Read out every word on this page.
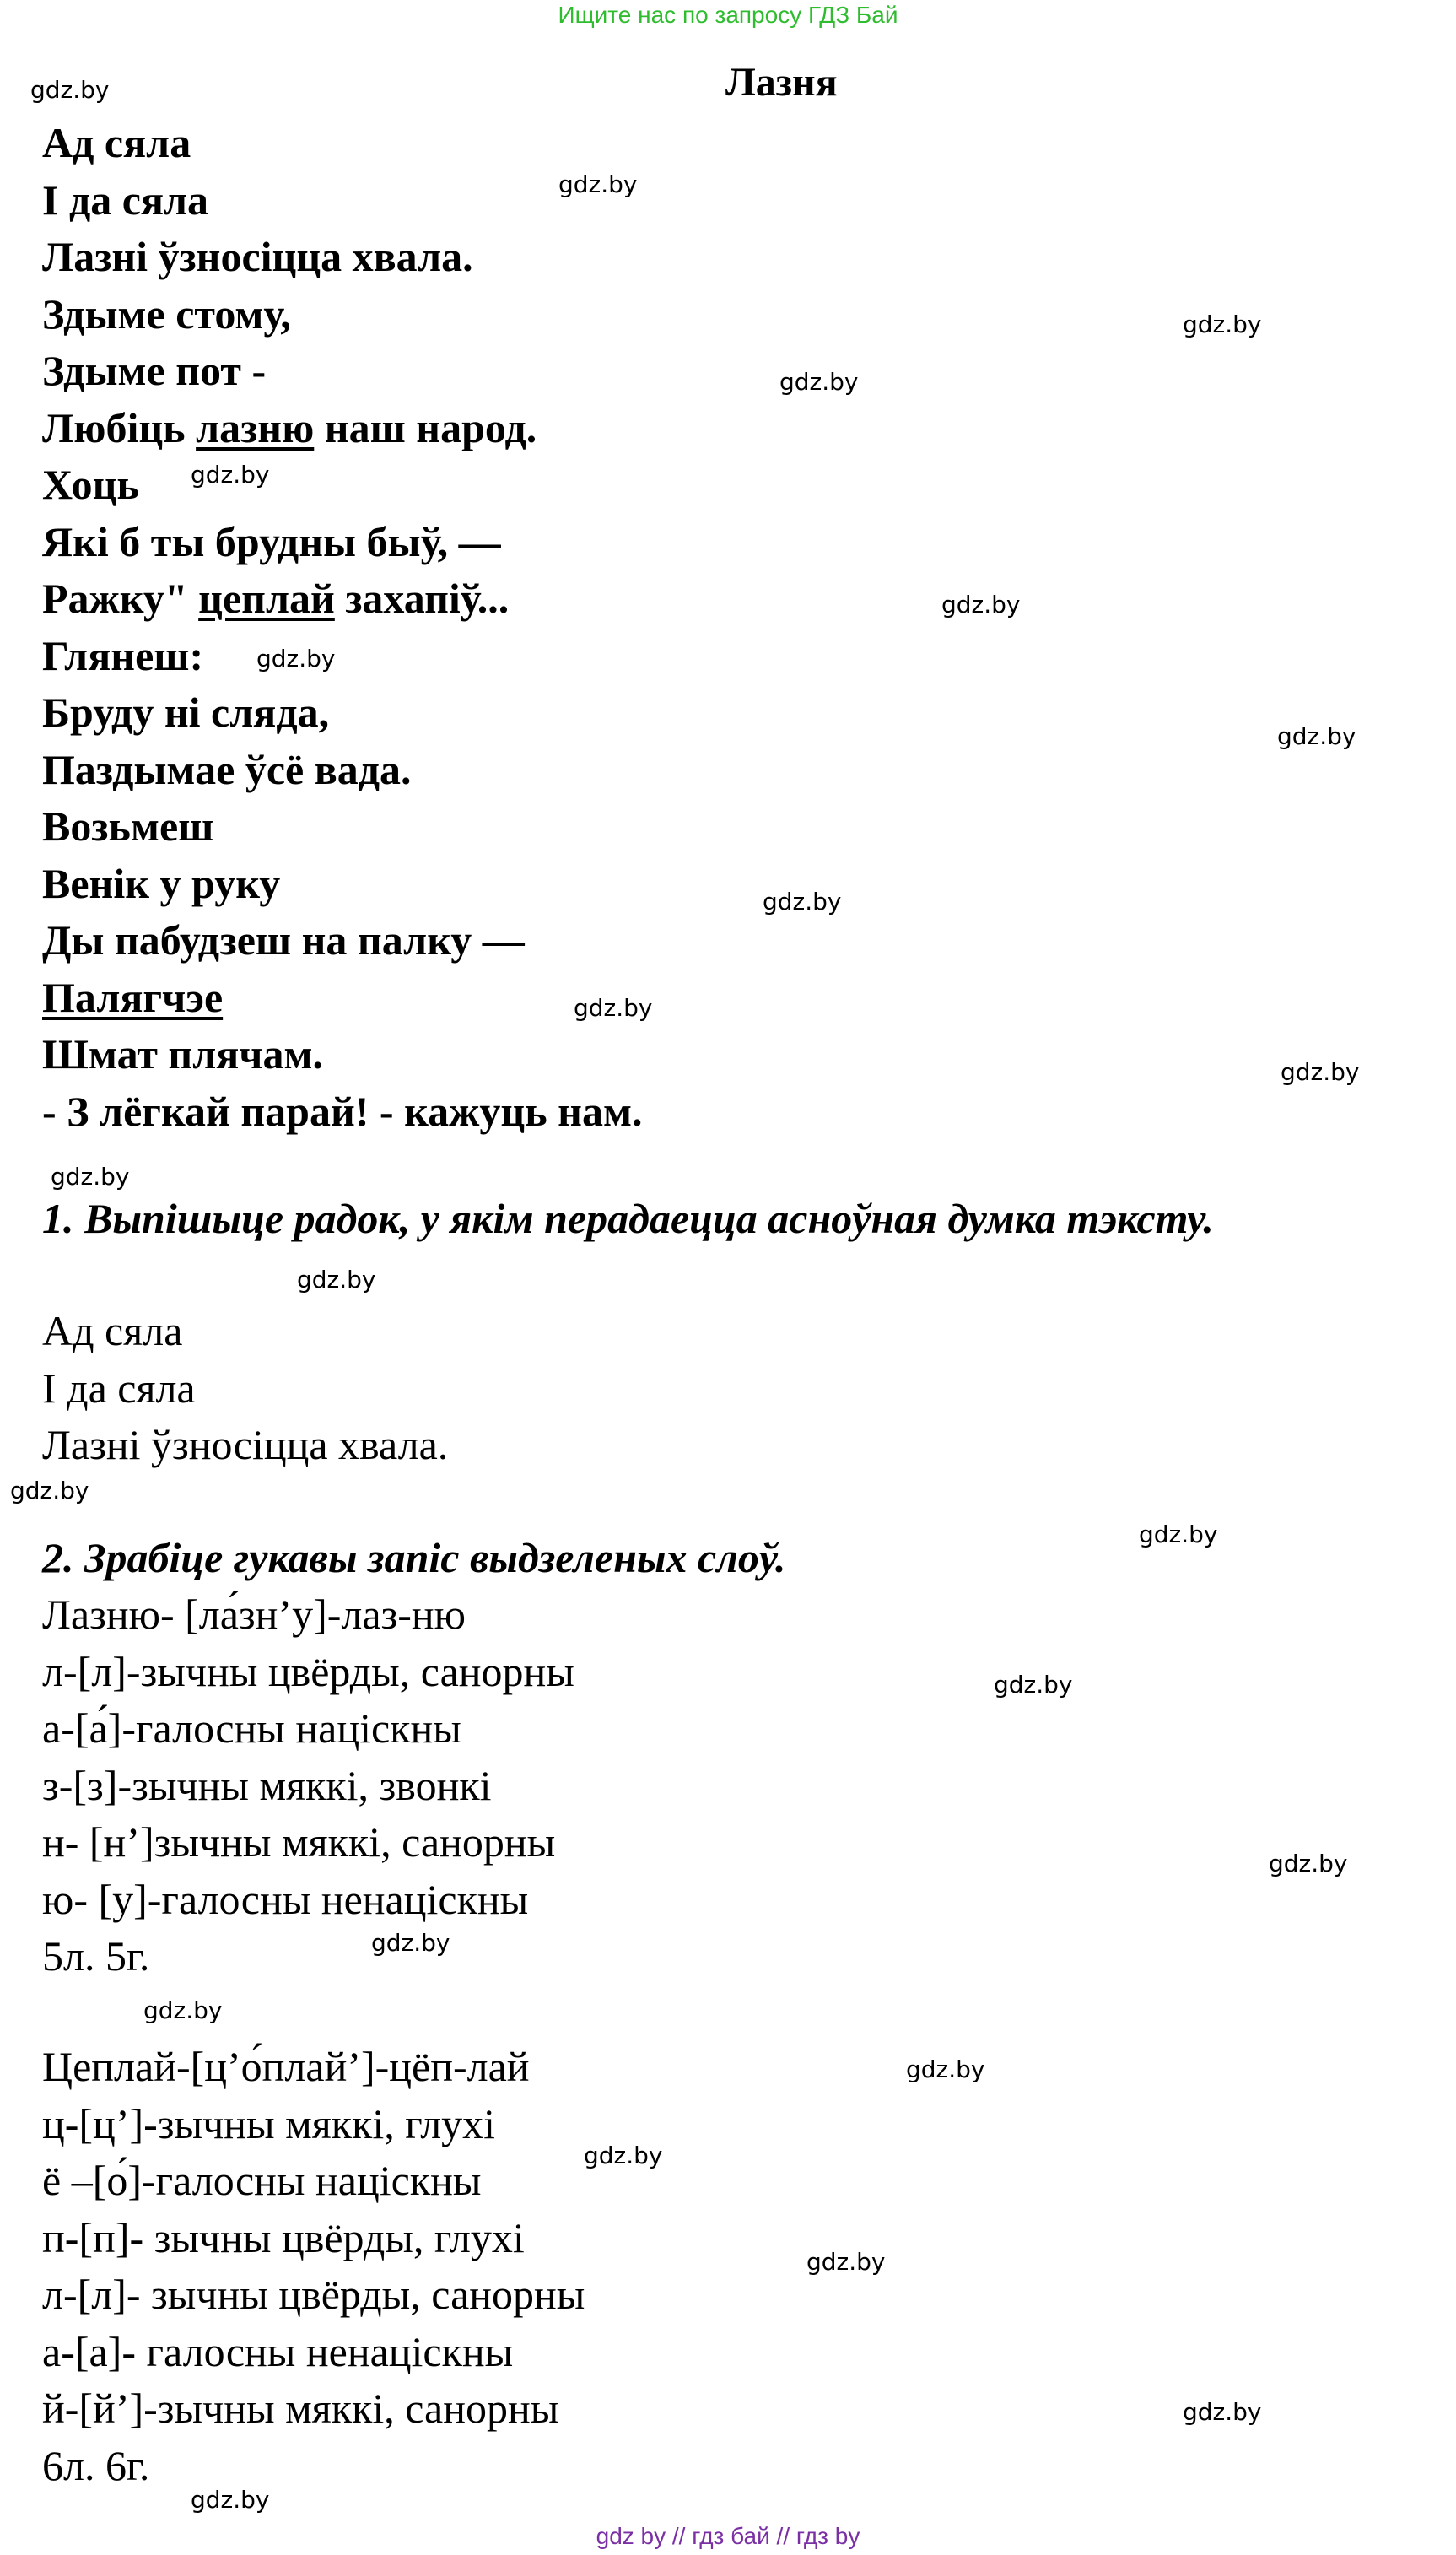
Ищите нас по запросу ГДЗ Бай
Лазня
Ад сяла
І да сяла
Лазні ўзносіцца хвала.
Здыме стому,
Здыме пот -
Любіць лазню наш народ.
Хоць
Які б ты брудны быў, —
Ражку" цеплай захапіў...
Глянеш:
Бруду ні сляда,
Паздымае ўсё вада.
Возьмеш
Венік у руку
Ды пабудзеш на палку —
Палягчэе
Шмат плячам.
- З лёгкай парай! - кажуць нам.
1. Выпішыце радок, у якім перадаецца асноўная думка тэксту.
Ад сяла
І да сяла
Лазні ўзносіцца хвала.
2. Зрабіце гукавы запіс выдзеленых слоў.
Лазню- [ла́зн’у]-лаз-ню
л-[л]-зычны цвёрды, санорны
а-[а́]-галосны націскны
з-[з]-зычны мяккі, звонкі
н- [н’]зычны мяккі, санорны
ю- [у]-галосны ненаціскны
5л. 5г.
Цеплай-[ц’о́плай’]-цёп-лай
ц-[ц’]-зычны мяккі, глухі
ё –[о́]-галосны націскны
п-[п]- зычны цвёрды, глухі
л-[л]- зычны цвёрды, санорны
а-[а]- галосны ненаціскны
й-[й’]-зычны мяккі, санорны
6л. 6г.
gdz.by
gdz.by
gdz.by
gdz.by
gdz.by
gdz.by
gdz.by
gdz.by
gdz.by
gdz.by
gdz.by
gdz.by
gdz.by
gdz.by
gdz.by
gdz.by
gdz.by
gdz.by
gdz.by
gdz.by
gdz.by
gdz.by
gdz.by
gdz.by
gdz by // гдз бай // гдз by
